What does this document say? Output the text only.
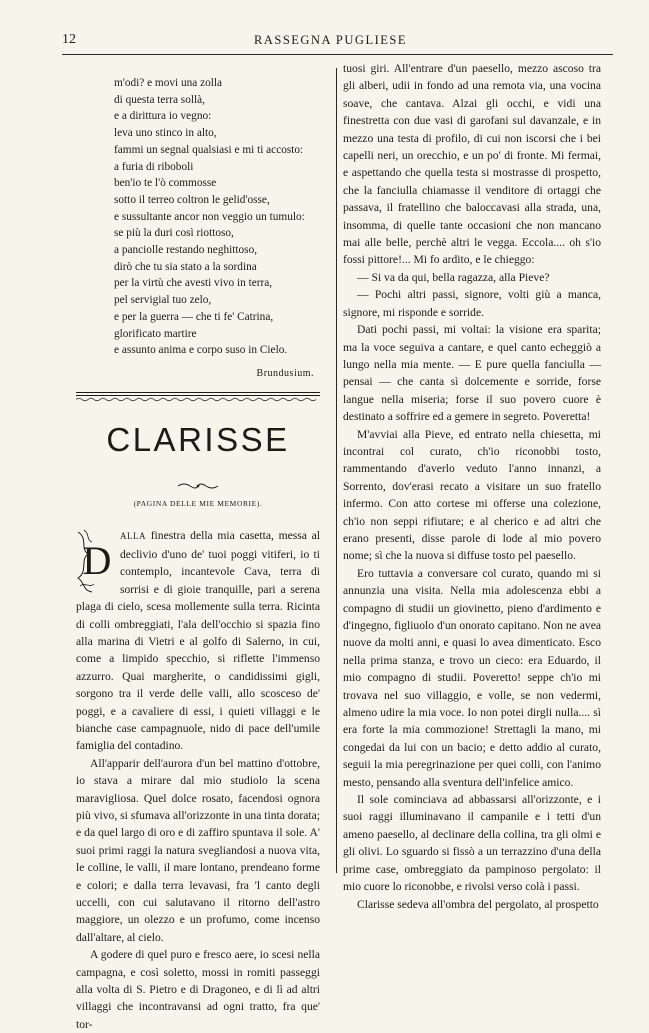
12	RASSEGNA PUGLIESE
m'odi? e movi una zolla
di questa terra sollà,
e a dirittura io vegno:
leva uno stinco in alto,
fammi un segnal qualsiasi e mi ti accosto:
a furia di riboboli
ben'io te l'ò commosse
sotto il terreo coltron le gelid'osse,
e sussultante ancor non veggio un tumulo:
se più la duri così riottoso,
a panciolle restando neghittoso,
dirò che tu sia stato a la sordina
per la virtù che avesti vivo in terra,
pel servigial tuo zelo,
e per la guerra — che ti fe' Catrina,
glorificato martire
e assunto anima e corpo suso in Cielo.
Brundusium.
CLARISSE
(PAGINA DELLE MIE MEMORIE).
D

ALLA finestra della mia casetta, messa al declivio d'uno de' tuoi poggi vitiferi, io ti contemplo, incantevole Cava, terra di sorrisi e di gioie tranquille, pari a serena plaga di cielo, scesa mollemente sulla terra. Ricinta di colli ombreggiati, l'ala dell'occhio si spazia fino alla marina di Vietri e al golfo di Salerno, in cui, come a limpido specchio, si riflette l'immenso azzurro. Quai margherite, o candidissimi gigli, sorgono tra il verde delle valli, allo scosceso de' poggi, e a cavaliere di essi, i quieti villaggi e le bianche case campagnuole, nido di pace dell'umile famiglia del contadino.

All'apparir dell'aurora d'un bel mattino d'ottobre, io stava a mirare dal mio studiolo la scena maravigliosa. Quel dolce rosato, facendosi ognora più vivo, si sfumava all'orizzonte in una tinta dorata; e da quel largo di oro e di zaffiro spuntava il sole. A' suoi primi raggi la natura svegliandosi a nuova vita, le colline, le valli, il mare lontano, prendeano forme e colori; e dalla terra levavasi, fra 'l canto degli uccelli, con cui salutavano il ritorno dell'astro maggiore, un olezzo e un profumo, come incenso dall'altare, al cielo.

A godere di quel puro e fresco aere, io scesi nella campagna, e così soletto, mossi in romiti passeggi alla volta di S. Pietro e di Dragoneo, e di lì ad altri villaggi che incontravansi ad ogni tratto, fra que' tor-

tuosi giri. All'entrare d'un paesello, mezzo ascoso tra gli alberi, udii in fondo ad una remota via, una vocina soave, che cantava. Alzai gli occhi, e vidi una finestretta con due vasi di garofani sul davanzale, e in mezzo una testa di profilo, di cui non iscorsi che i bei capelli neri, un orecchio, e un po' di fronte. Mi fermai, e aspettando che quella testa si mostrasse di prospetto, che la fanciulla chiamasse il venditore di ortaggi che passava, il fratellino che baloccavasi alla strada, una, insomma, di quelle tante occasioni che non mancano mai alle belle, perchè altri le vegga. Eccola.... oh s'io fossi pittore!... Mi fo ardito, e le chieggo:

— Si va da qui, bella ragazza, alla Pieve?

— Pochi altri passi, signore, volti giù a manca, signore, mi risponde e sorride.

Dati pochi passi, mi voltai: la visione era sparita; ma la voce seguiva a cantare, e quel canto echeggiò a lungo nella mia mente. — E pure quella fanciulla — pensai — che canta sì dolcemente e sorride, forse langue nella miseria; forse il suo povero cuore è destinato a soffrire ed a gemere in segreto. Poveretta!

M'avviai alla Pieve, ed entrato nella chiesetta, mi incontrai col curato, ch'io riconobbi tosto, rammentando d'averlo veduto l'anno innanzi, a Sorrento, dov'erasi recato a visitare un suo fratello infermo. Con atto cortese mi offerse una colezione, ch'io non seppi rifiutare; e al cherico e ad altri che erano presenti, disse parole di lode al mio povero nome; sì che la nuova si diffuse tosto pel paesello.

Ero tuttavia a conversare col curato, quando mi si annunzia una visita. Nella mia adolescenza ebbi a compagno di studii un giovinetto, pieno d'ardimento e d'ingegno, figliuolo d'un onorato capitano. Non ne avea nuove da molti anni, e quasi lo avea dimenticato. Esco nella prima stanza, e trovo un cieco: era Eduardo, il mio compagno di studii. Poveretto! seppe ch'io mi trovava nel suo villaggio, e volle, se non vedermi, almeno udire la mia voce. Io non potei dirgli nulla.... sì era forte la mia commozione! Strettagli la mano, mi congedai da lui con un bacio; e detto addio al curato, seguii la mia peregrinazione per quei colli, con l'animo mesto, pensando alla sventura dell'infelice amico.

Il sole cominciava ad abbassarsi all'orizzonte, e i suoi raggi illuminavano il campanile e i tetti d'un ameno paesello, al declinare della collina, tra gli olmi e gli olivi. Lo sguardo si fissò a un terrazzino d'una della prime case, ombreggiato da pampinoso pergolato: il mio cuore lo riconobbe, e rivolsi verso colà i passi.

Clarisse sedeva all'ombra del pergolato, al prospetto
